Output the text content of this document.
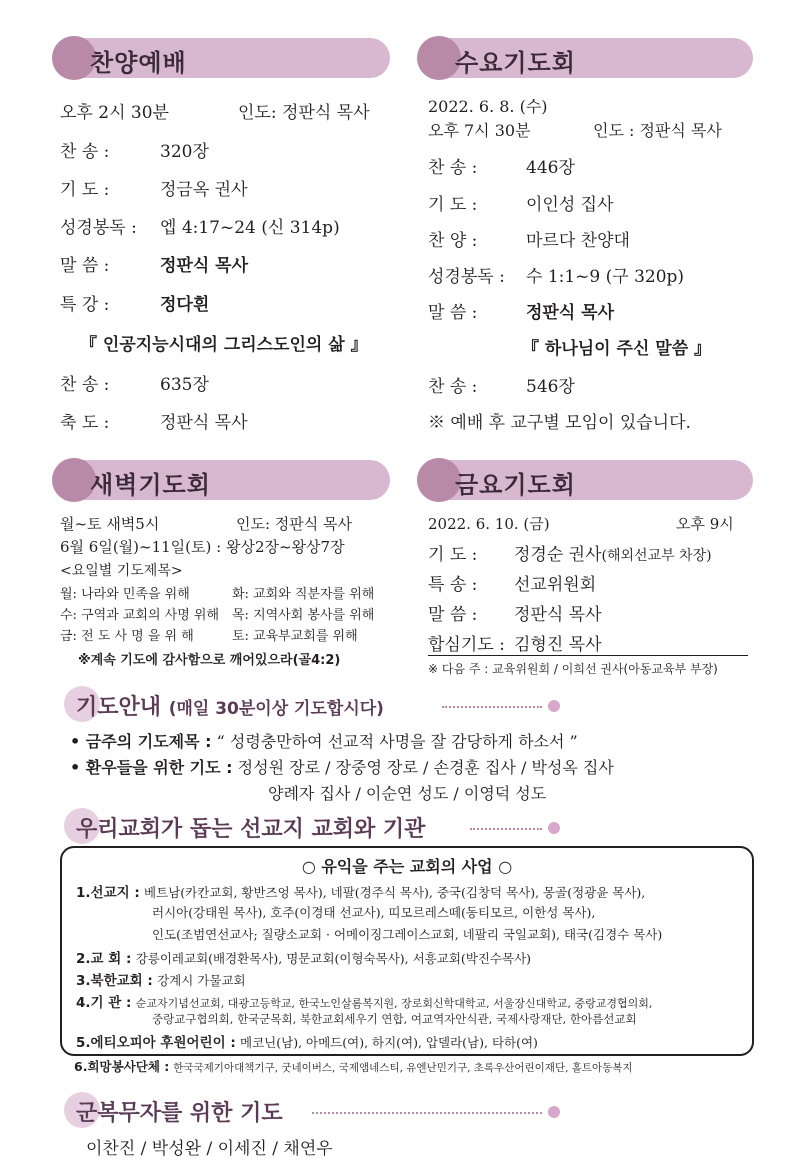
찬양예배
오후 2시 30분	인도: 정판식 목사
찬 송 :	320장
기 도 :	정금옥 권사
성경봉독 : 엡 4:17~24 (신 314p)
말 씀 :	정판식 목사
특 강 :	정다흰
『 인공지능시대의 그리스도인의 삶 』
찬 송 :	635장
축 도 :	정판식 목사
수요기도회
2022. 6. 8. (수)
오후 7시 30분	인도 : 정판식 목사
찬 송 :	446장
기 도 :	이인성 집사
찬 양 :	마르다 찬양대
성경봉독 : 수 1:1~9 (구 320p)
말 씀 :	정판식 목사
『 하나님이 주신 말씀 』
찬 송 :	546장
※ 예배 후 교구별 모임이 있습니다.
새벽기도회
월~토 새벽5시	인도: 정판식 목사
6월 6일(월)~11일(토) : 왕상2장~왕상7장
<요일별 기도제목>
월: 나라와 민족을 위해	화: 교회와 직분자를 위해
수: 구역과 교회의 사명 위해 목: 지역사회 봉사를 위해
금: 전 도 사 명 을 위 해	토: 교육부교회를 위해
※계속 기도에 감사함으로 깨어있으라(골4:2)
금요기도회
2022. 6. 10. (금)	오후 9시
기 도 : 정경순 권사(해외선교부 차장)
특 송 : 선교위원회
말 씀 : 정판식 목사
합심기도 : 김형진 목사
※ 다음 주 : 교육위원회 / 이희선 권사(아동교육부 부장)
기도안내 (매일 30분이상 기도합시다)
• 금주의 기도제목 : “ 성령충만하여 선교적 사명을 잘 감당하게 하소서 ”
• 환우들을 위한 기도 : 정성원 장로 / 장중영 장로 / 손경훈 집사 / 박성옥 집사
양례자 집사 / 이순연 성도 / 이영덕 성도
우리교회가 돕는 선교지 교회와 기관
○ 유익을 주는 교회의 사업 ○
1.선교지 : 베트남(카칸교회, 황반즈엉 목사), 네팔(경주식 목사), 중국(김창덕 목사), 몽골(정광윤 목사),
러시아(강태원 목사), 호주(이경태 선교사), 띠모르레스떼(동티모르, 이한성 목사),
인도(조범연선교사; 질량소교회 · 어메이징그레이스교회, 네팔리 국일교회), 태국(김경수 목사)
2.교 회 : 강릉이레교회(배경환목사), 명문교회(이형숙목사), 서흥교회(박진수목사)
3.북한교회 : 강계시 가물교회
4.기 관 : 순교자기념선교회, 대광고등학교, 한국노인살롬복지원, 장로회신학대학교, 서울장신대학교, 중랑교경협의회,
중랑교구협의회, 한국군목회, 북한교회세우기 연합, 여교역자안식관, 국제사랑재단, 한아름선교회
5.에티오피아 후원어린이 : 메코닌(남), 아메드(여), 하지(여), 압델라(남), 타하(여)
6.희망봉사단체 : 한국국제기아대책기구, 굿네이버스, 국제앰네스티, 유엔난민기구, 초록우산어린이재단, 홀트아동복지
군복무자를 위한 기도
이찬진 / 박성완 / 이세진 / 채연우
